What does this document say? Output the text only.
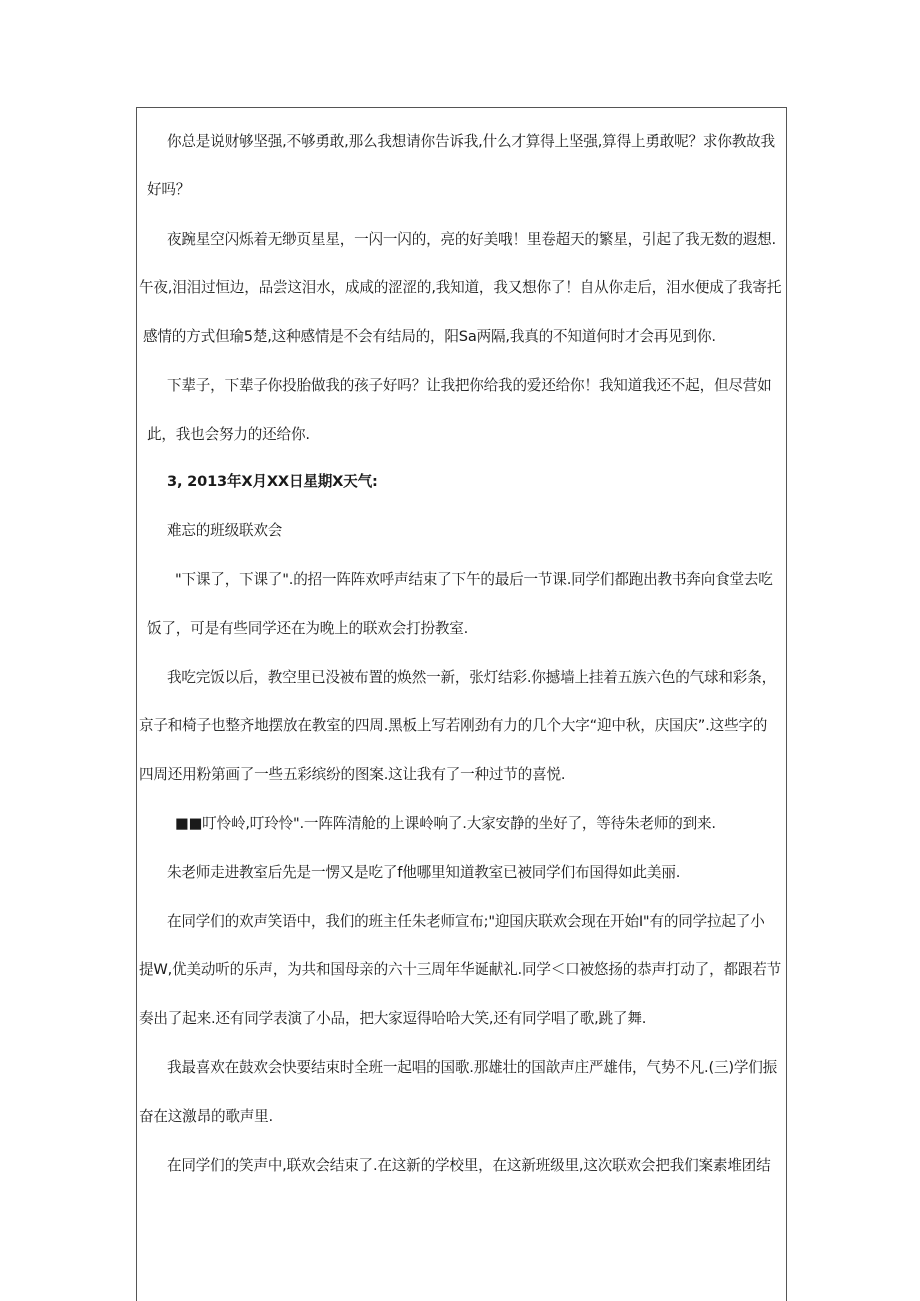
你总是说财够坚强,不够勇敢,那么我想请你告诉我,什么才算得上坚强,算得上勇敢呢？求你教故我
好吗？
夜踠星空闪烁着无缈页星星，一闪一闪的，亮的好美哦！里卷超天的繁星，引起了我无数的遐想.
午夜,泪泪过恒边，品尝这泪水，成咸的涩涩的,我知道，我又想你了！自从你走后，泪水便成了我寄托
感情的方式但瑜5楚,这种感情是不会有结局的，阳Sa两隔,我真的不知道何时才会再见到你.
下辈子，下辈子你投胎做我的孩子好吗？让我把你给我的爱还给你！我知道我还不起，但尽营如
此，我也会努力的还给你.
3, 2013年X月XX日星期X天气:
难忘的班级联欢会
"下课了，下课了".的招一阵阵欢呼声结束了下午的最后一节课.同学们都跑出教书奔向食堂去吃
饭了，可是有些同学还在为晚上的联欢会打扮教室.
我吃完饭以后，教空里已没被布置的焕然一新，张灯结彩.你撼墙上挂着五族六色的气球和彩条，
京子和椅子也整齐地摆放在教室的四周.黑板上写若刚劲有力的几个大字“迎中秋，庆国庆”.这些字的
四周还用粉第画了一些五彩缤纷的图案.这让我有了一种过节的喜悦.
■■叮怜岭,叮玲怜".一阵阵清舱的上课岭响了.大家安静的坐好了，等待朱老师的到来.
朱老师走进教室后先是一愣又是吃了f他哪里知道教室已被同学们布国得如此美丽.
在同学们的欢声笑语中，我们的班主任朱老师宣布;"迎国庆联欢会现在开始I"有的同学拉起了小
提W,优美动听的乐声，为共和国母亲的六十三周年华诞献礼.同学＜口被悠扬的恭声打动了，都跟若节
奏出了起来.还有同学表演了小品，把大家逗得哈哈大笑,还有同学唱了歌,跳了舞.
我最喜欢在鼓欢会快要结束时全班一起唱的国歌.那雄壮的国歆声庄严雄伟，气势不凡.(三)学们振
奋在这激昂的歌声里.
在同学们的笑声中,联欢会结束了.在这新的学校里，在这新班级里,这次联欢会把我们案素堆团结
